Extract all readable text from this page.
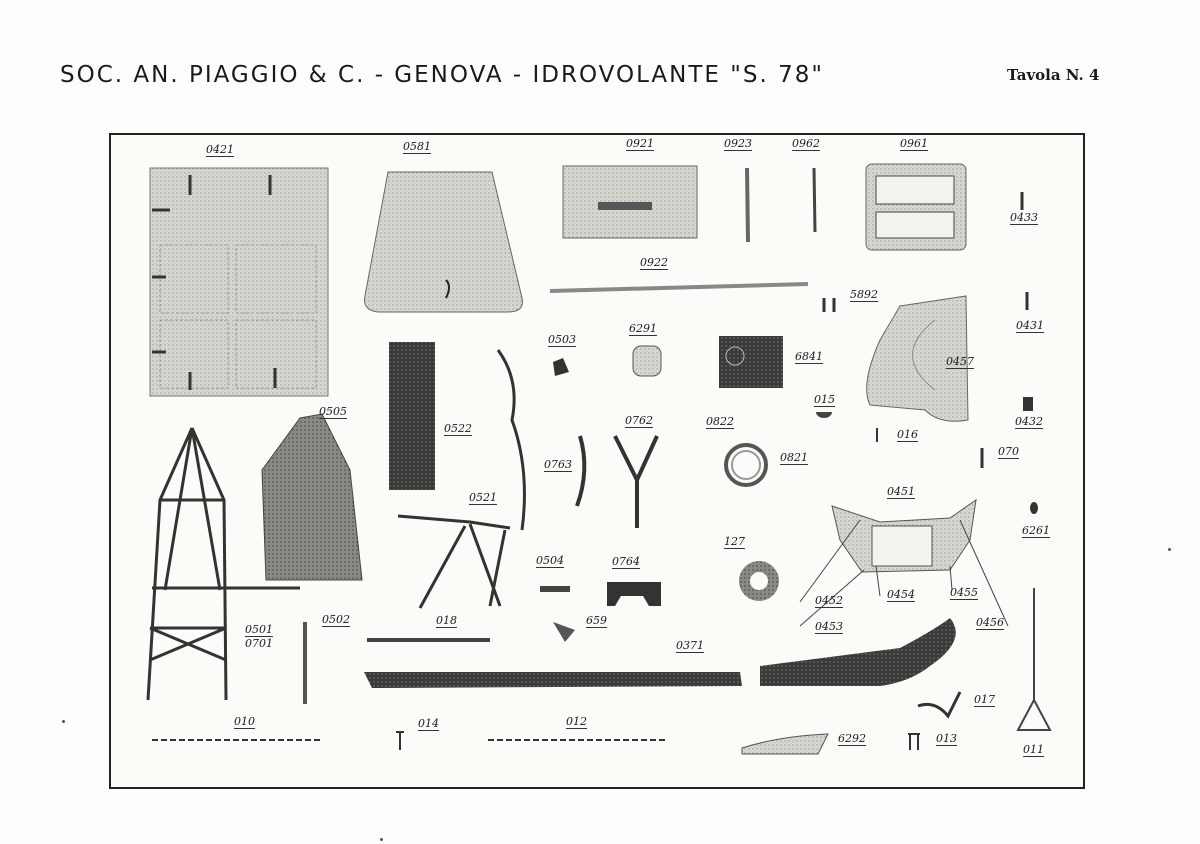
SOC. AN. PIAGGIO & C. - GENOVA - IDROVOLANTE "S. 78"	Tavola N. 4
0421	0581	0921	0923	0962	0961
0433
0922
5892
0431
0503
6291
6841	0457
015
0432
0505
0522
0762	0822
016
070
0763
0821
0521	0451
6261
127
0504	0764
0452	0454	0455
0501
0701
0502	018	659	0453	0456
0371
010	014	012
017
6292	013
011
